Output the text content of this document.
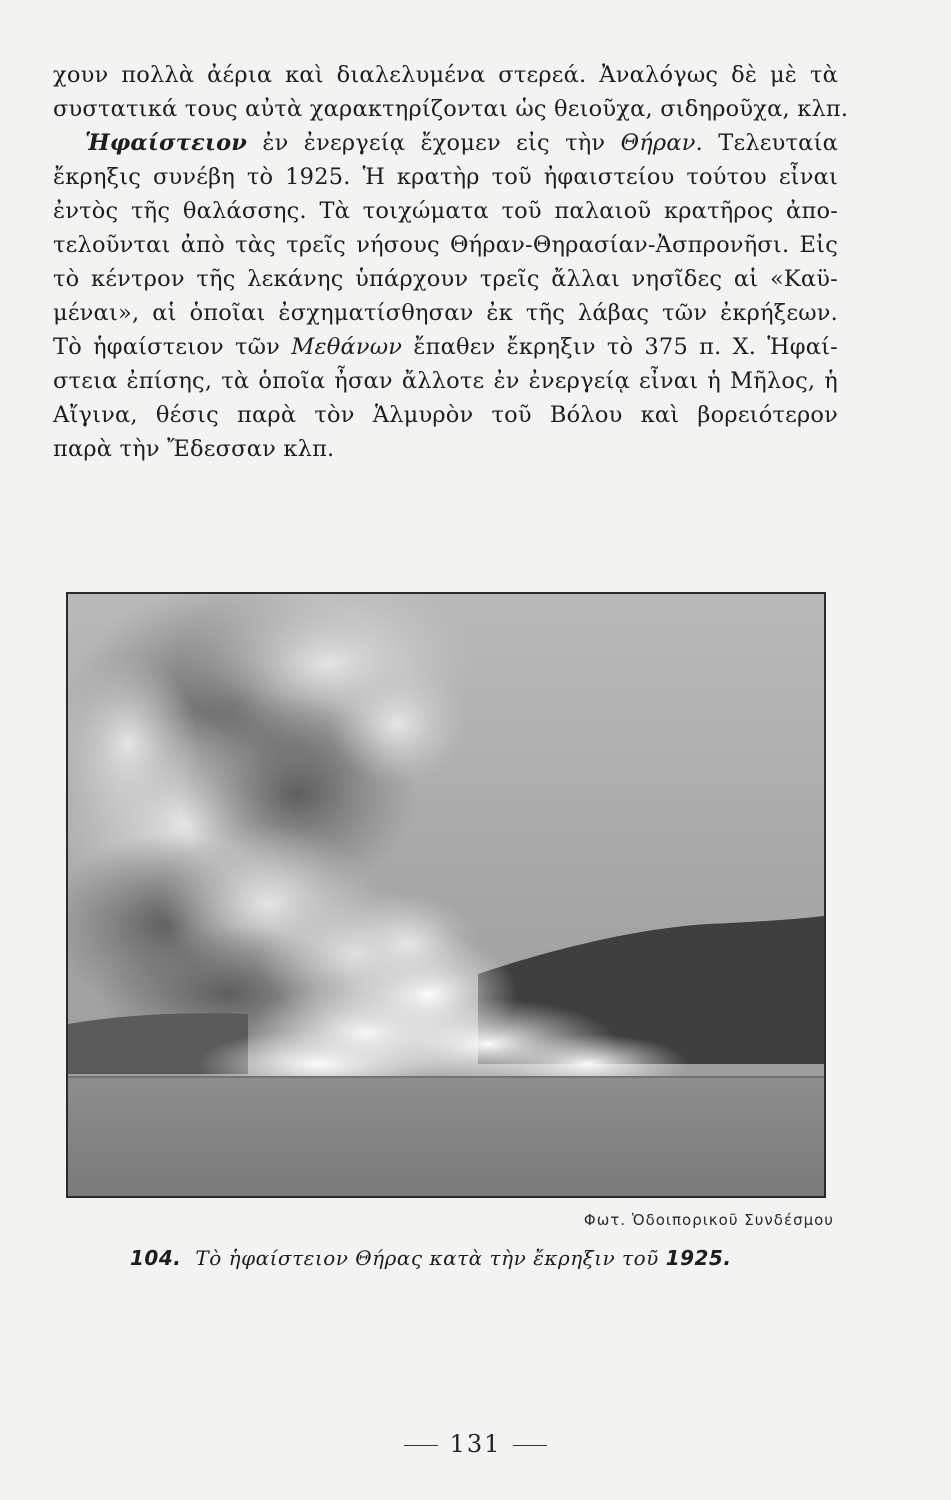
χουν πολλὰ ἀέρια καὶ διαλελυμένα στερεά. Ἀναλόγως δὲ μὲ τὰ
συστατικά τους αὐτὰ χαρακτηρίζονται ὡς θειοῦχα, σιδηροῦχα, κλπ.
Ἡφαίστειον ἐν ἐνεργείᾳ ἔχομεν εἰς τὴν Θήραν. Τελευταία
ἔκρηξις συνέβη τὸ 1925. Ἡ κρατὴρ τοῦ ἠφαιστείου τούτου εἶναι
ἐντὸς τῆς θαλάσσης. Τὰ τοιχώματα τοῦ παλαιοῦ κρατῆρος ἀπο-
τελοῦνται ἀπὸ τὰς τρεῖς νήσους Θήραν-Θηρασίαν-Ἀσπρονῆσι. Εἰς
τὸ κέντρον τῆς λεκάνης ὑπάρχουν τρεῖς ἄλλαι νησῖδες αἱ «Καϋ-
μέναι», αἱ ὁποῖαι ἐσχηματίσθησαν ἐκ τῆς λάβας τῶν ἐκρήξεων.
Τὸ ἡφαίστειον τῶν Μεθάνων ἔπαθεν ἔκρηξιν τὸ 375 π. Χ. Ἡφαί-
στεια ἐπίσης, τὰ ὁποῖα ἦσαν ἄλλοτε ἐν ἐνεργείᾳ εἶναι ἡ Μῆλος, ἡ
Αἴγινα, θέσις παρὰ τὸν Ἁλμυρὸν τοῦ Βόλου καὶ βορειότερον
παρὰ τὴν Ἔδεσσαν κλπ.
Φωτ. Ὁδοιπορικοῦ Συνδέσμου
104. Τὸ ἡφαίστειον Θήρας κατὰ τὴν ἔκρηξιν τοῦ 1925.
131
